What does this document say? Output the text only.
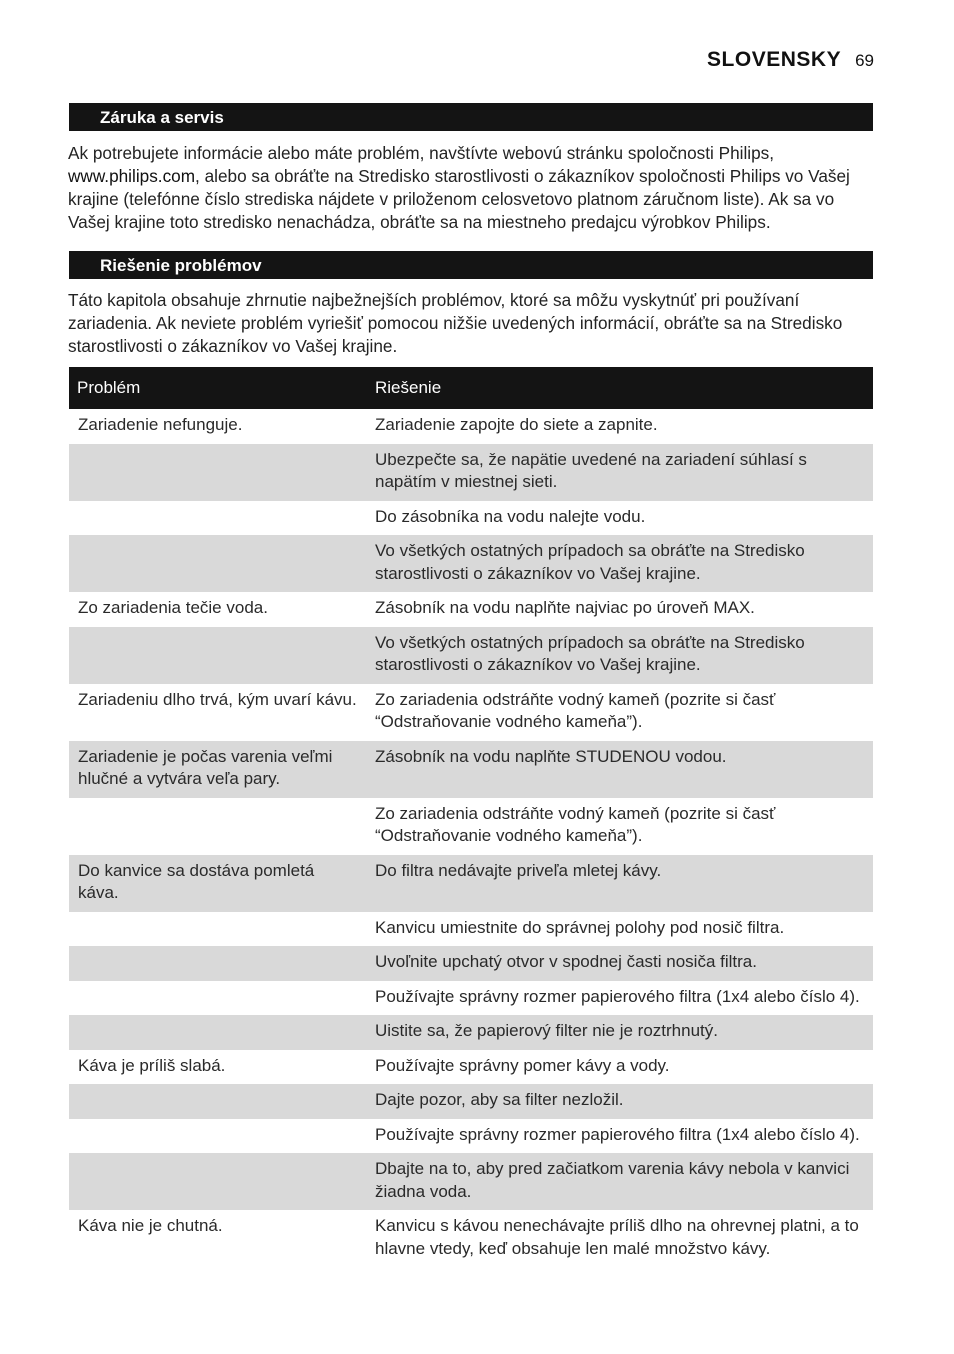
SLOVENSKY 69
Záruka a servis

Ak potrebujete informácie alebo máte problém, navštívte webovú stránku spoločnosti Philips,
www.philips.com, alebo sa obráťte na Stredisko starostlivosti o zákazníkov spoločnosti Philips vo Vašej krajine (telefónne číslo strediska nájdete v priloženom celosvetovo platnom záručnom liste). Ak sa vo Vašej krajine toto stredisko nenachádza, obráťte sa na miestneho predajcu výrobkov Philips.

Riešenie problémov

Táto kapitola obsahuje zhrnutie najbežnejších problémov, ktoré sa môžu vyskytnúť pri používaní zariadenia. Ak neviete problém vyriešiť pomocou nižšie uvedených informácií, obráťte sa na Stredisko starostlivosti o zákazníkov vo Vašej krajine.

Problém	Riešenie
Zariadenie nefunguje.	Zariadenie zapojte do siete a zapnite.
	Ubezpečte sa, že napätie uvedené na zariadení súhlasí s napätím v miestnej sieti.
	Do zásobníka na vodu nalejte vodu.
	Vo všetkých ostatných prípadoch sa obráťte na Stredisko starostlivosti o zákazníkov vo Vašej krajine.
Zo zariadenia tečie voda.	Zásobník na vodu naplňte najviac po úroveň MAX.
	Vo všetkých ostatných prípadoch sa obráťte na Stredisko starostlivosti o zákazníkov vo Vašej krajine.
Zariadeniu dlho trvá, kým uvarí kávu.	Zo zariadenia odstráňte vodný kameň (pozrite si časť “Odstraňovanie vodného kameňa”).
Zariadenie je počas varenia veľmi hlučné a vytvára veľa pary.	Zásobník na vodu naplňte STUDENOU vodou.
	Zo zariadenia odstráňte vodný kameň (pozrite si časť “Odstraňovanie vodného kameňa”).
Do kanvice sa dostáva pomletá káva.	Do filtra nedávajte priveľa mletej kávy.
	Kanvicu umiestnite do správnej polohy pod nosič filtra.
	Uvoľnite upchatý otvor v spodnej časti nosiča filtra.
	Používajte správny rozmer papierového filtra (1x4 alebo číslo 4).
	Uistite sa, že papierový filter nie je roztrhnutý.
Káva je príliš slabá.	Používajte správny pomer kávy a vody.
	Dajte pozor, aby sa filter nezložil.
	Používajte správny rozmer papierového filtra (1x4 alebo číslo 4).
	Dbajte na to, aby pred začiatkom varenia kávy nebola v kanvici žiadna voda.
Káva nie je chutná.	Kanvicu s kávou nenechávajte príliš dlho na ohrevnej platni, a to hlavne vtedy, keď obsahuje len malé množstvo kávy.
